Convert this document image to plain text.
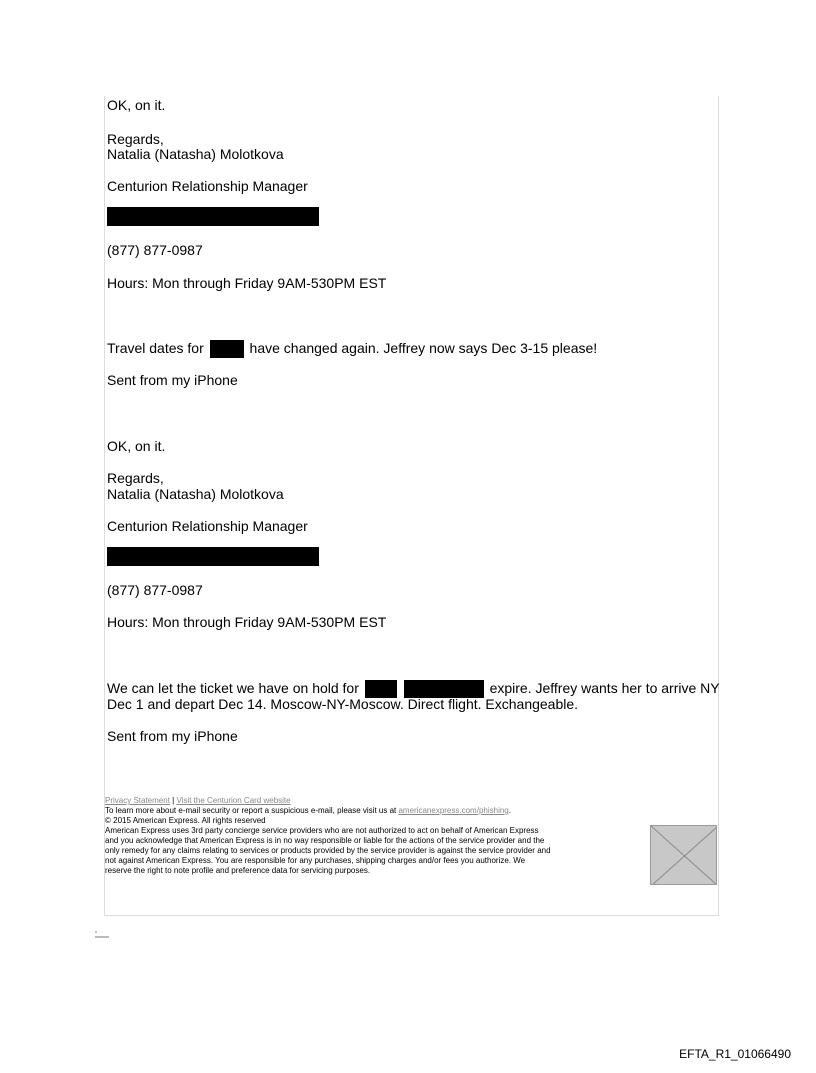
OK, on it.
Regards,
Natalia (Natasha) Molotkova
Centurion Relationship Manager
(877) 877-0987
Hours: Mon through Friday 9AM-530PM EST
Travel dates for	have changed again. Jeffrey now says Dec 3-15 please!
Sent from my iPhone
OK, on it.
Regards,
Natalia (Natasha) Molotkova
Centurion Relationship Manager
(877) 877-0987
Hours: Mon through Friday 9AM-530PM EST
We can let the ticket we have on hold for	expire. Jeffrey wants her to arrive NY
Dec 1 and depart Dec 14. Moscow-NY-Moscow. Direct flight. Exchangeable.
Sent from my iPhone
Privacy Statement | Visit the Centurion Card website
To learn more about e-mail security or report a suspicious e-mail, please visit us at americanexpress.com/phishing.
© 2015 American Express. All rights reserved
American Express uses 3rd party concierge service providers who are not authorized to act on behalf of American Express
and you acknowledge that American Express is in no way responsible or liable for the actions of the service provider and the
only remedy for any claims relating to services or products provided by the service provider is against the service provider and
not against American Express. You are responsible for any purchases, shipping charges and/or fees you authorize. We
reserve the right to note profile and preference data for servicing purposes.
EFTA_R1_01066490
